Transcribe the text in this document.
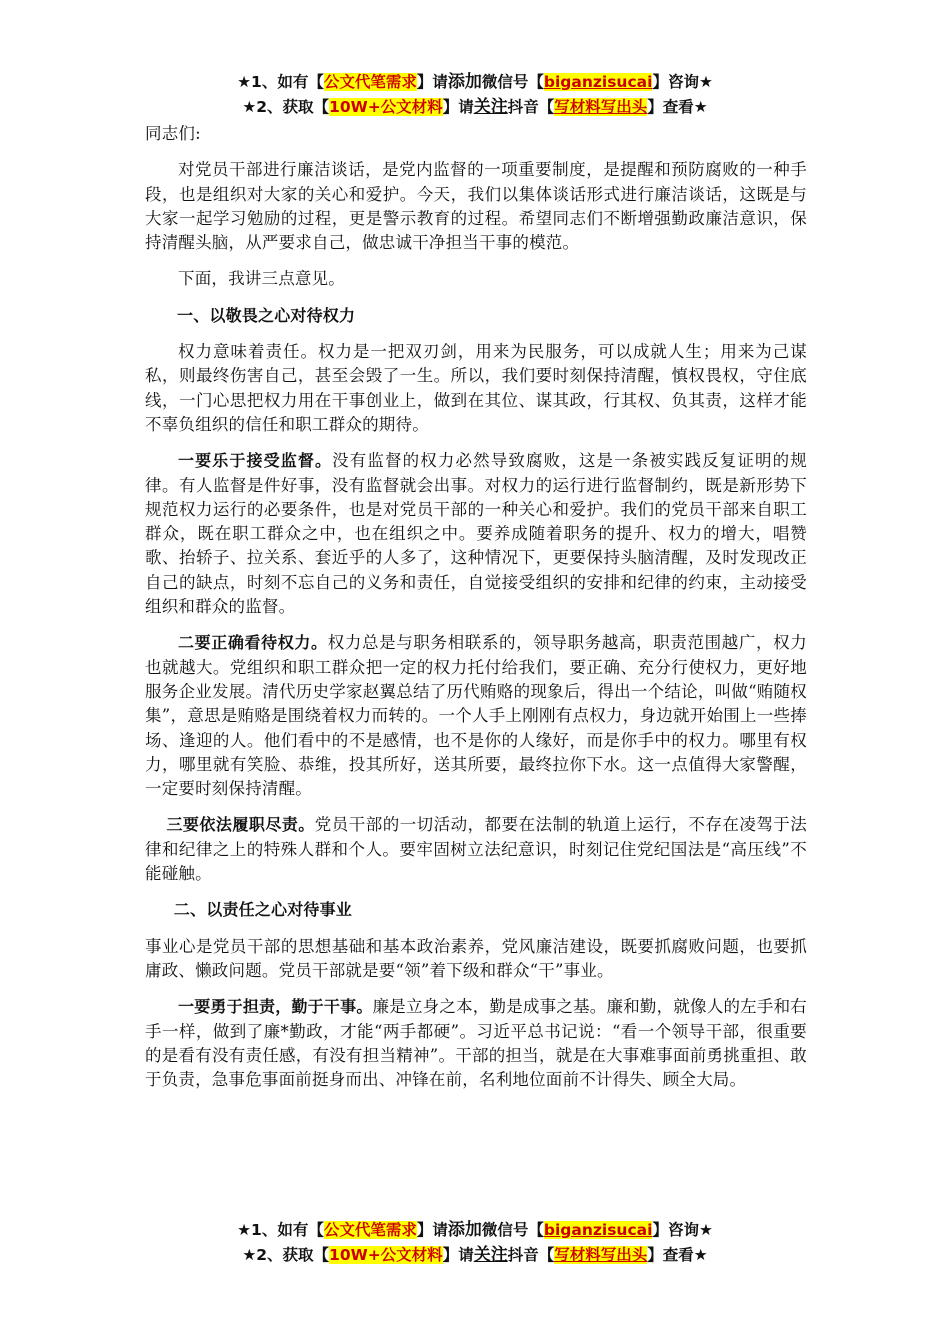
★1、如有【公文代笔需求】请添加微信号【biganzisucai】咨询★
★2、获取【10W+公文材料】请关注抖音【写材料写出头】查看★

同志们:

对党员干部进行廉洁谈话，是党内监督的一项重要制度，是提醒和预防腐败的一种手段，也是组织对大家的关心和爱护。今天，我们以集体谈话形式进行廉洁谈话，这既是与大家一起学习勉励的过程，更是警示教育的过程。希望同志们不断增强勤政廉洁意识，保持清醒头脑，从严要求自己，做忠诚干净担当干事的模范。

下面，我讲三点意见。

一、以敬畏之心对待权力

权力意味着责任。权力是一把双刃剑，用来为民服务，可以成就人生；用来为己谋私，则最终伤害自己，甚至会毁了一生。所以，我们要时刻保持清醒，慎权畏权，守住底线，一门心思把权力用在干事创业上，做到在其位、谋其政，行其权、负其责，这样才能不辜负组织的信任和职工群众的期待。

一要乐于接受监督。没有监督的权力必然导致腐败，这是一条被实践反复证明的规律。有人监督是件好事，没有监督就会出事。对权力的运行进行监督制约，既是新形势下规范权力运行的必要条件，也是对党员干部的一种关心和爱护。我们的党员干部来自职工群众，既在职工群众之中，也在组织之中。要养成随着职务的提升、权力的增大，唱赞歌、抬轿子、拉关系、套近乎的人多了，这种情况下，更要保持头脑清醒，及时发现改正自己的缺点，时刻不忘自己的义务和责任，自觉接受组织的安排和纪律的约束，主动接受组织和群众的监督。

二要正确看待权力。权力总是与职务相联系的，领导职务越高，职责范围越广，权力也就越大。党组织和职工群众把一定的权力托付给我们，要正确、充分行使权力，更好地服务企业发展。清代历史学家赵翼总结了历代贿赂的现象后，得出一个结论，叫做“贿随权集”，意思是贿赂是围绕着权力而转的。一个人手上刚刚有点权力，身边就开始围上一些捧场、逢迎的人。他们看中的不是感情，也不是你的人缘好，而是你手中的权力。哪里有权力，哪里就有笑脸、恭维，投其所好，送其所要，最终拉你下水。这一点值得大家警醒，一定要时刻保持清醒。

三要依法履职尽责。党员干部的一切活动，都要在法制的轨道上运行，不存在凌驾于法律和纪律之上的特殊人群和个人。要牢固树立法纪意识，时刻记住党纪国法是“高压线”不能碰触。

二、以责任之心对待事业

事业心是党员干部的思想基础和基本政治素养，党风廉洁建设，既要抓腐败问题，也要抓庸政、懒政问题。党员干部就是要“领”着下级和群众“干”事业。

一要勇于担责，勤于干事。廉是立身之本，勤是成事之基。廉和勤，就像人的左手和右手一样，做到了廉*勤政，才能“两手都硬”。习近平总书记说：“看一个领导干部，很重要的是看有没有责任感，有没有担当精神”。干部的担当，就是在大事难事面前勇挑重担、敢于负责，急事危事面前挺身而出、冲锋在前，名利地位面前不计得失、顾全大局。

★1、如有【公文代笔需求】请添加微信号【biganzisucai】咨询★
★2、获取【10W+公文材料】请关注抖音【写材料写出头】查看★
